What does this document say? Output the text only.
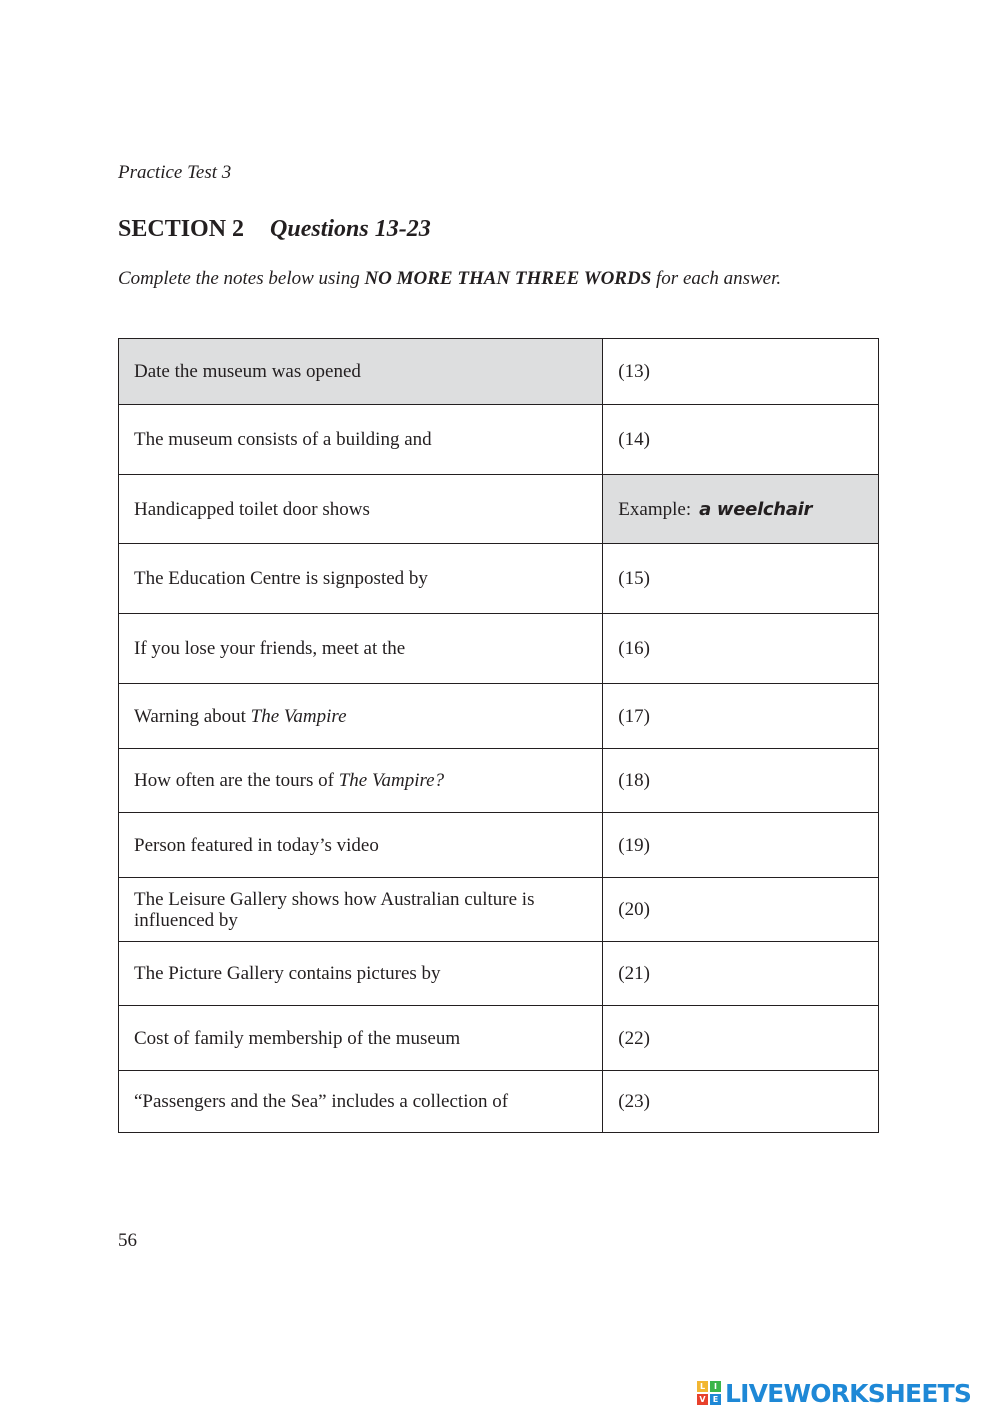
Practice Test 3
SECTION 2 Questions 13-23
Complete the notes below using NO MORE THAN THREE WORDS for each answer.
Date the museum was opened	(13)
The museum consists of a building and	(14)
Handicapped toilet door shows	Example: a weelchair
The Education Centre is signposted by	(15)
If you lose your friends, meet at the	(16)
Warning about The Vampire	(17)
How often are the tours of The Vampire?	(18)
Person featured in today’s video	(19)
The Leisure Gallery shows how Australian culture is influenced by	(20)
The Picture Gallery contains pictures by	(21)
Cost of family membership of the museum	(22)
“Passengers and the Sea” includes a collection of	(23)
56
L	I
V E LIVEWORKSHEETS
